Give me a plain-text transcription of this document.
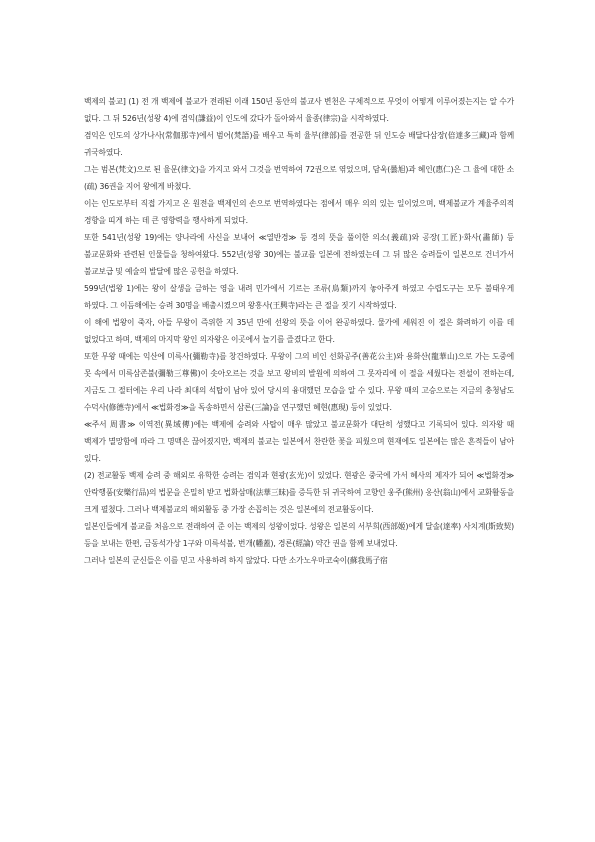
백제의 불교] (1) 전 개 백제에 불교가 전래된 이래 150년 동안의 불교사 변천은 구체적으로 무엇이 어떻게 이루어졌는지는 알 수가 없다. 그 뒤 526년(성왕 4)에 겸익(謙益)이 인도에 갔다가 돌아와서 율종(律宗)을 시작하였다.

겸익은 인도의 상가나사(常伽那寺)에서 범어(梵語)를 배우고 특히 율부(律部)를 전공한 뒤 인도승 배달다삼장(倍達多三藏)과 함께 귀국하였다.

그는 범본(梵文)으로 된 율문(律文)을 가지고 와서 그것을 번역하여 72권으로 엮었으며, 담욱(曇旭)과 혜인(惠仁)은 그 율에 대한 소(疏) 36권을 지어 왕에게 바쳤다.

이는 인도로부터 직접 가지고 온 원전을 백제인의 손으로 번역하였다는 점에서 매우 의의 있는 일이었으며, 백제불교가 계율주의적 경향을 띠게 하는 데 큰 영향력을 행사하게 되었다.

또한 541년(성왕 19)에는 양나라에 사신을 보내어 ≪열반경≫ 등 경의 뜻을 풀이한 의소(義疏)와 공장(工匠)·화사(畵師) 등 불교문화와 관련된 인물들을 청하여왔다. 552년(성왕 30)에는 불교를 일본에 전하였는데 그 뒤 많은 승려들이 일본으로 건너가서 불교보급 및 예술의 발달에 많은 공헌을 하였다.

599년(법왕 1)에는 왕이 살생을 금하는 영을 내려 민가에서 기르는 조류(鳥類)까지 놓아주게 하였고 수렵도구는 모두 불태우게 하였다. 그 이듬해에는 승려 30명을 배출시켰으며 왕흥사(王興寺)라는 큰 절을 짓기 시작하였다.

이 해에 법왕이 죽자, 아들 무왕이 즉위한 지 35년 만에 선왕의 뜻을 이어 완공하였다. 물가에 세워진 이 절은 화려하기 이를 데 없었다고 하며, 백제의 마지막 왕인 의자왕은 이곳에서 놀기를 즐겼다고 한다.

또한 무왕 때에는 익산에 미륵사(彌勒寺)를 창건하였다. 무왕이 그의 비인 선화공주(善花公主)와 용화산(龍華山)으로 가는 도중에 못 속에서 미륵삼존불(彌勒三尊佛)이 솟아오르는 것을 보고 왕비의 발원에 의하여 그 못자리에 이 절을 세웠다는 전설이 전하는데, 지금도 그 절터에는 우리 나라 최대의 석탑이 남아 있어 당시의 융대했던 모습을 알 수 있다. 무왕 때의 고승으로는 지금의 충청남도 수덕사(修德寺)에서 ≪법화경≫을 독송하면서 삼론(三論)을 연구했던 혜현(惠現) 등이 있었다.

≪주서 周書≫ 이역전(異域傳)에는 백제에 승려와 사탑이 매우 많았고 불교문화가 대단히 성했다고 기록되어 있다. 의자왕 때 백제가 멸망함에 따라 그 명맥은 끊어졌지만, 백제의 불교는 일본에서 찬란한 꽃을 피웠으며 현재에도 일본에는 많은 흔적들이 남아 있다.

(2) 전교활동 백제 승려 중 해외로 유학한 승려는 겸익과 현광(玄光)이 있었다. 현광은 중국에 가서 혜사의 제자가 되어 ≪법화경≫ 안락행품(安樂行品)의 법문을 은밀히 받고 법화삼매(法華三昧)를 증득한 뒤 귀국하여 고향인 웅주(熊州) 옹산(翁山)에서 교화활동을 크게 펼쳤다. 그러나 백제불교의 해외활동 중 가장 손꼽히는 것은 일본에의 전교활동이다.

일본인들에게 불교를 처음으로 전래하여 준 이는 백제의 성왕이었다. 성왕은 일본의 서부희(西部姬)에게 달솔(達率) 사치계(斯致契) 등을 보내는 한편, 금동석가상 1구와 미륵석불, 번개(幡蓋), 경론(經論) 약간 권을 함께 보내었다.

그러나 일본의 군신들은 이를 믿고 사용하려 하지 않았다. 다만 소가노우마코숙이(蘇我馬子宿
